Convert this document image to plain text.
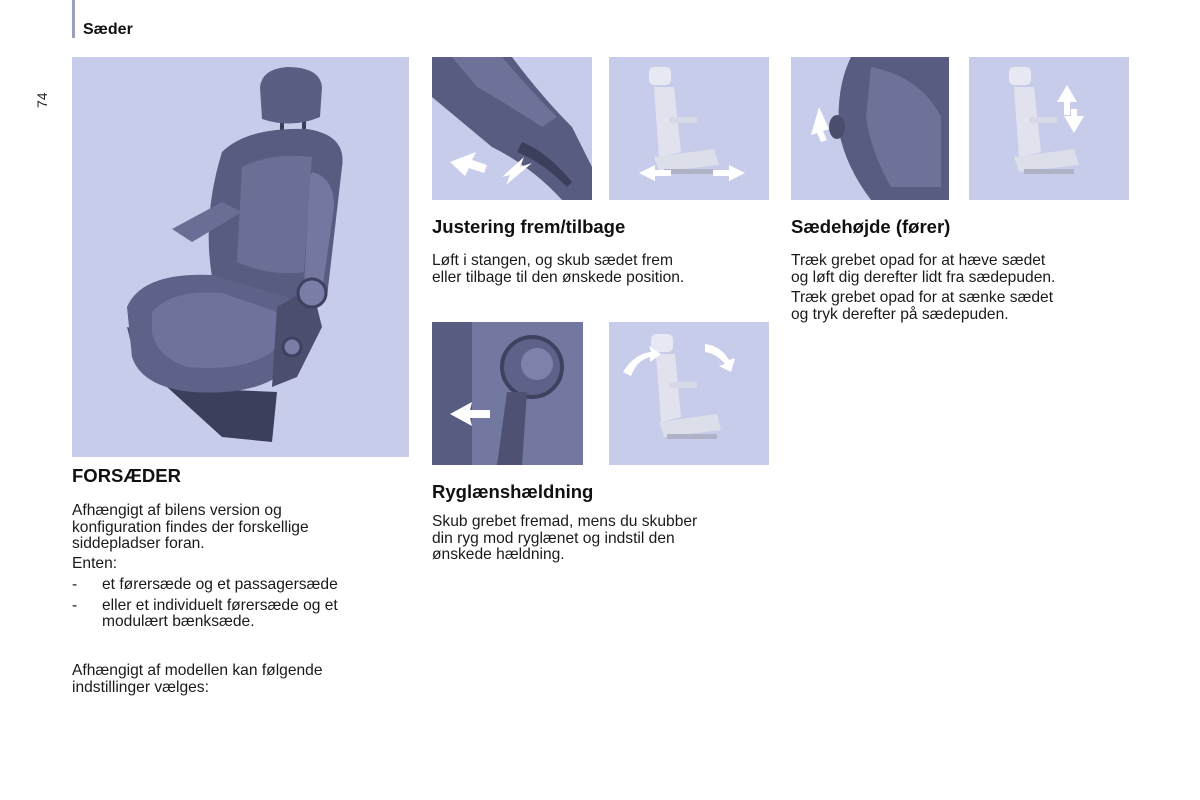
Sæder
74
FORSÆDER

Afhængigt af bilens version og
konfiguration findes der forskellige
siddepladser foran.

Enten:

- et førersæde og et passagersæde
- eller et individuelt førersæde og et
modulært bænksæde.

Afhængigt af modellen kan følgende
indstillinger vælges:

Justering frem/tilbage

Løft i stangen, og skub sædet frem
eller tilbage til den ønskede position.

Ryglænshældning

Skub grebet fremad, mens du skubber
din ryg mod ryglænet og indstil den
ønskede hældning.

Sædehøjde (fører)

Træk grebet opad for at hæve sædet
og løft dig derefter lidt fra sædepuden.

Træk grebet opad for at sænke sædet
og tryk derefter på sædepuden.
